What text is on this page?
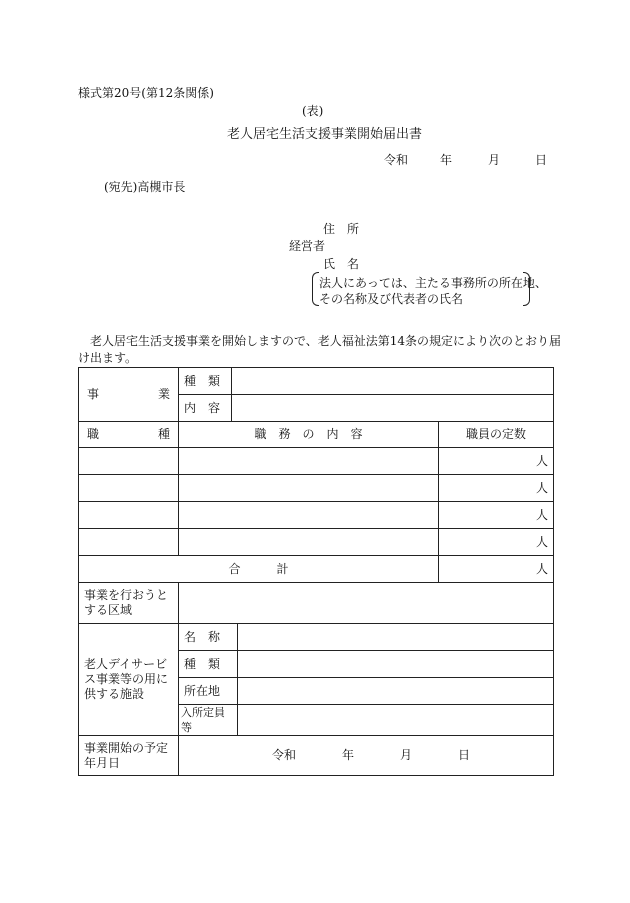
様式第20号(第12条関係)
(表)
老人居宅生活支援事業開始届出書
令和	年	月	日
(宛先)高槻市長
住　所
経営者
氏　名
法人にあっては、主たる事務所の所在地、
その名称及び代表者の氏名
老人居宅生活支援事業を開始しますので、老人福祉法第14条の規定により次のとおり届
け出ます。
事 業	種　類			
	内　容			

職 種	職　務　の　内　容			職員の定数
				人
				人
				人
				人

合 計				人
事業を行おうとする区域				
老人デイサービス事業等の用に供する施設	名　称			
	種　類			
	所在地			
	入所定員等			
事業開始の予定年月日	令和 年 月 日			
